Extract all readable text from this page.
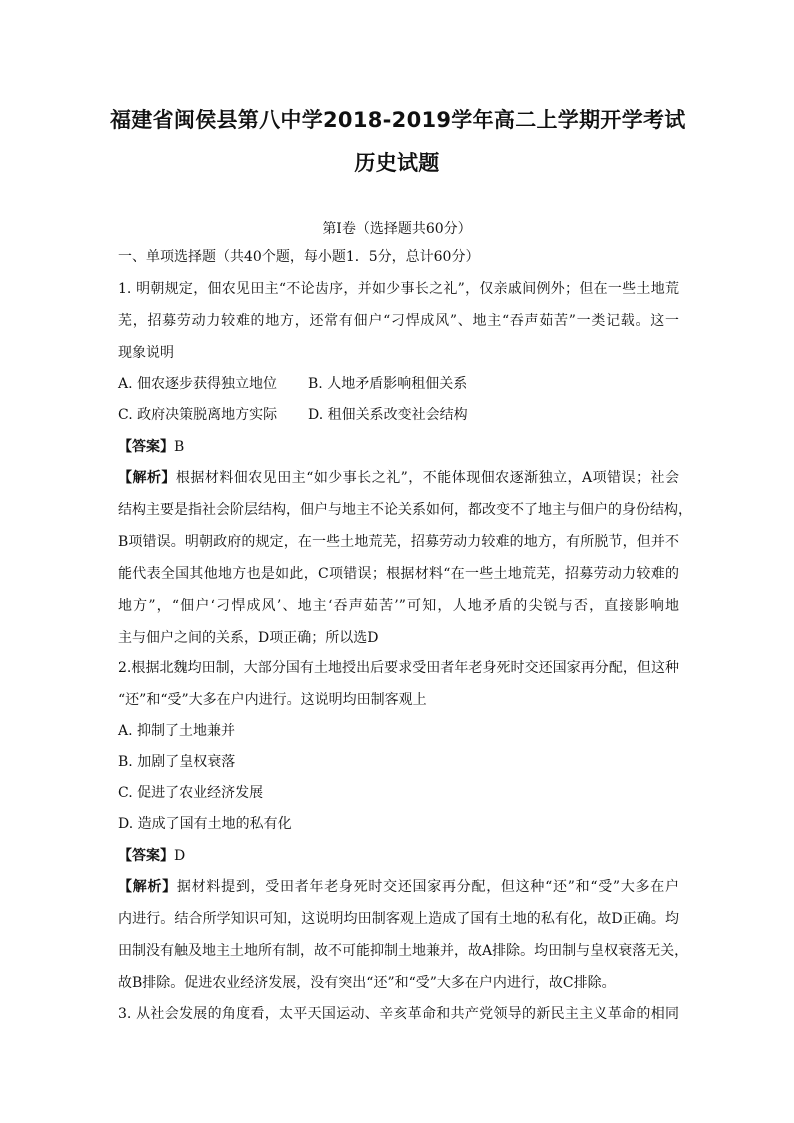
福建省闽侯县第八中学2018-2019学年高二上学期开学考试
历史试题
第Ⅰ卷（选择题共60分）
一、单项选择题（共40个题，每小题1．5分，总计60分）
1. 明朝规定，佃农见田主“不论齿序，并如少事长之礼”，仅亲戚间例外；但在一些土地荒
芜，招募劳动力较难的地方，还常有佃户“刁悍成风”、地主“吞声茹苦”一类记载。这一
现象说明
A. 佃农逐步获得独立地位 B. 人地矛盾影响租佃关系
C. 政府决策脱离地方实际 D. 租佃关系改变社会结构
【答案】B
【解析】根据材料佃农见田主“如少事长之礼”，不能体现佃农逐渐独立，A项错误；社会
结构主要是指社会阶层结构，佃户与地主不论关系如何，都改变不了地主与佃户的身份结构，
B项错误。明朝政府的规定，在一些土地荒芜，招募劳动力较难的地方，有所脱节，但并不
能代表全国其他地方也是如此，C项错误；根据材料“在一些土地荒芜，招募劳动力较难的
地方”，“佃户‘刁悍成风’、地主‘吞声茹苦’”可知，人地矛盾的尖锐与否，直接影响地
主与佃户之间的关系，D项正确；所以选D
2.根据北魏均田制，大部分国有土地授出后要求受田者年老身死时交还国家再分配，但这种
“还”和“受”大多在户内进行。这说明均田制客观上
A. 抑制了土地兼并
B. 加剧了皇权衰落
C. 促进了农业经济发展
D. 造成了国有土地的私有化
【答案】D
【解析】据材料提到，受田者年老身死时交还国家再分配，但这种“还”和“受”大多在户
内进行。结合所学知识可知，这说明均田制客观上造成了国有土地的私有化，故D正确。均
田制没有触及地主土地所有制，故不可能抑制土地兼并，故A排除。均田制与皇权衰落无关，
故B排除。促进农业经济发展，没有突出“还”和“受”大多在户内进行，故C排除。
3. 从社会发展的角度看，太平天国运动、辛亥革命和共产党领导的新民主主义革命的相同
